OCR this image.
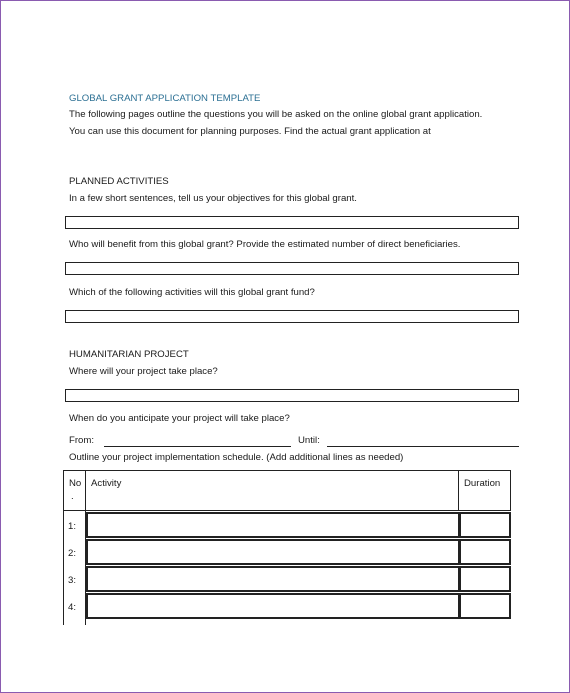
GLOBAL GRANT APPLICATION TEMPLATE
The following pages outline the questions you will be asked on the online global grant application.
You can use this document for planning purposes. Find the actual grant application at
PLANNED ACTIVITIES
In a few short sentences, tell us your objectives for this global grant.
Who will benefit from this global grant? Provide the estimated number of direct beneficiaries.
Which of the following activities will this global grant fund?
HUMANITARIAN PROJECT
Where will your project take place?
When do you anticipate your project will take place?
From:	Until:
Outline your project implementation schedule. (Add additional lines as needed)
No
.
Activity	Duration
1:
2:
3:
4:
